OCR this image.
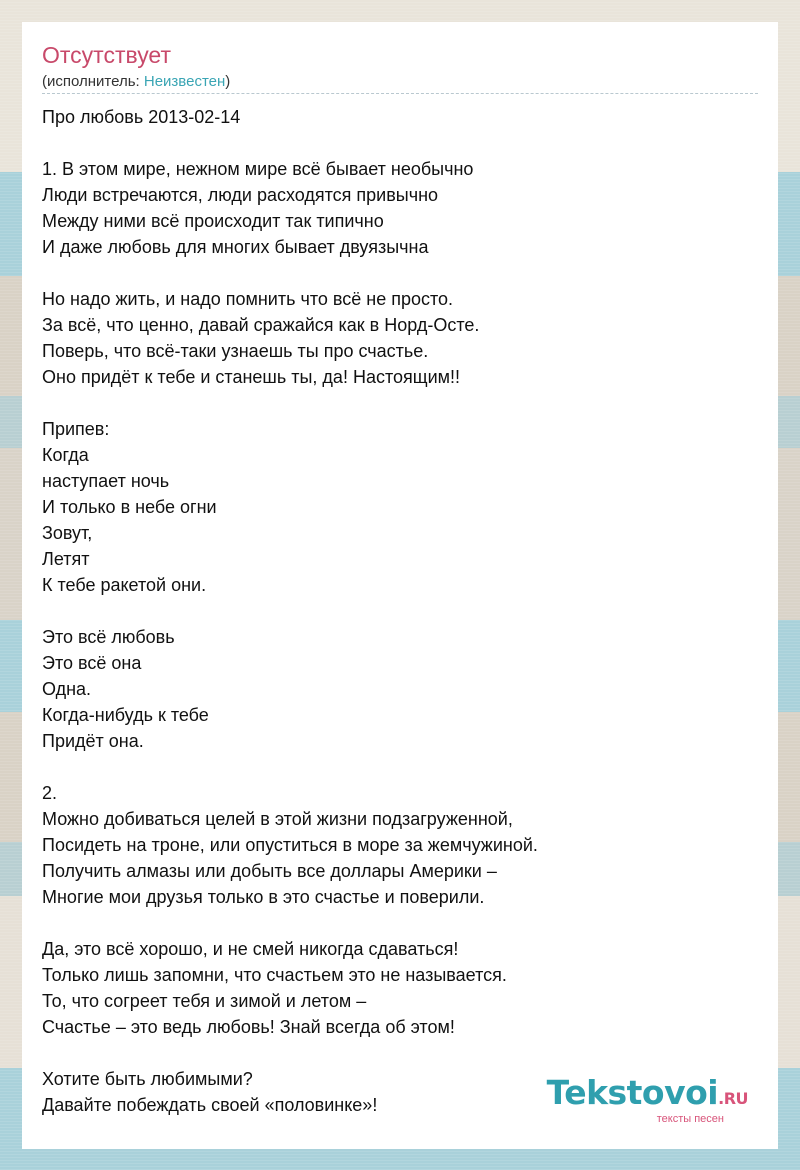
Отсутствует
(исполнитель: Неизвестен)
Про любовь 2013-02-14
1. В этом мире, нежном мире всё бывает необычно
Люди встречаются, люди расходятся привычно
Между ними всё происходит так типично
И даже любовь для многих бывает двуязычна
Но надо жить, и надо помнить что всё не просто.
За всё, что ценно, давай сражайся как в Норд-Осте.
Поверь, что всё-таки узнаешь ты про счастье.
Оно придёт к тебе и станешь ты, да! Настоящим!!
Припев:
Когда
наступает ночь
И только в небе огни
Зовут,
Летят
К тебе ракетой они.
Это всё любовь
Это всё она
Одна.
Когда-нибудь к тебе
Придёт она.
2.
Можно добиваться целей в этой жизни подзагруженной,
Посидеть на троне, или опуститься в море за жемчужиной.
Получить алмазы или добыть все доллары Америки –
Многие мои друзья только в это счастье и поверили.
Да, это всё хорошо, и не смей никогда сдаваться!
Только лишь запомни, что счастьем это не называется.
То, что согреет тебя и зимой и летом –
Счастье – это ведь любовь! Знай всегда об этом!
Хотите быть любимыми?
Давайте побеждать своей «половинке»!	Tekstovoi.RU
тексты песен
